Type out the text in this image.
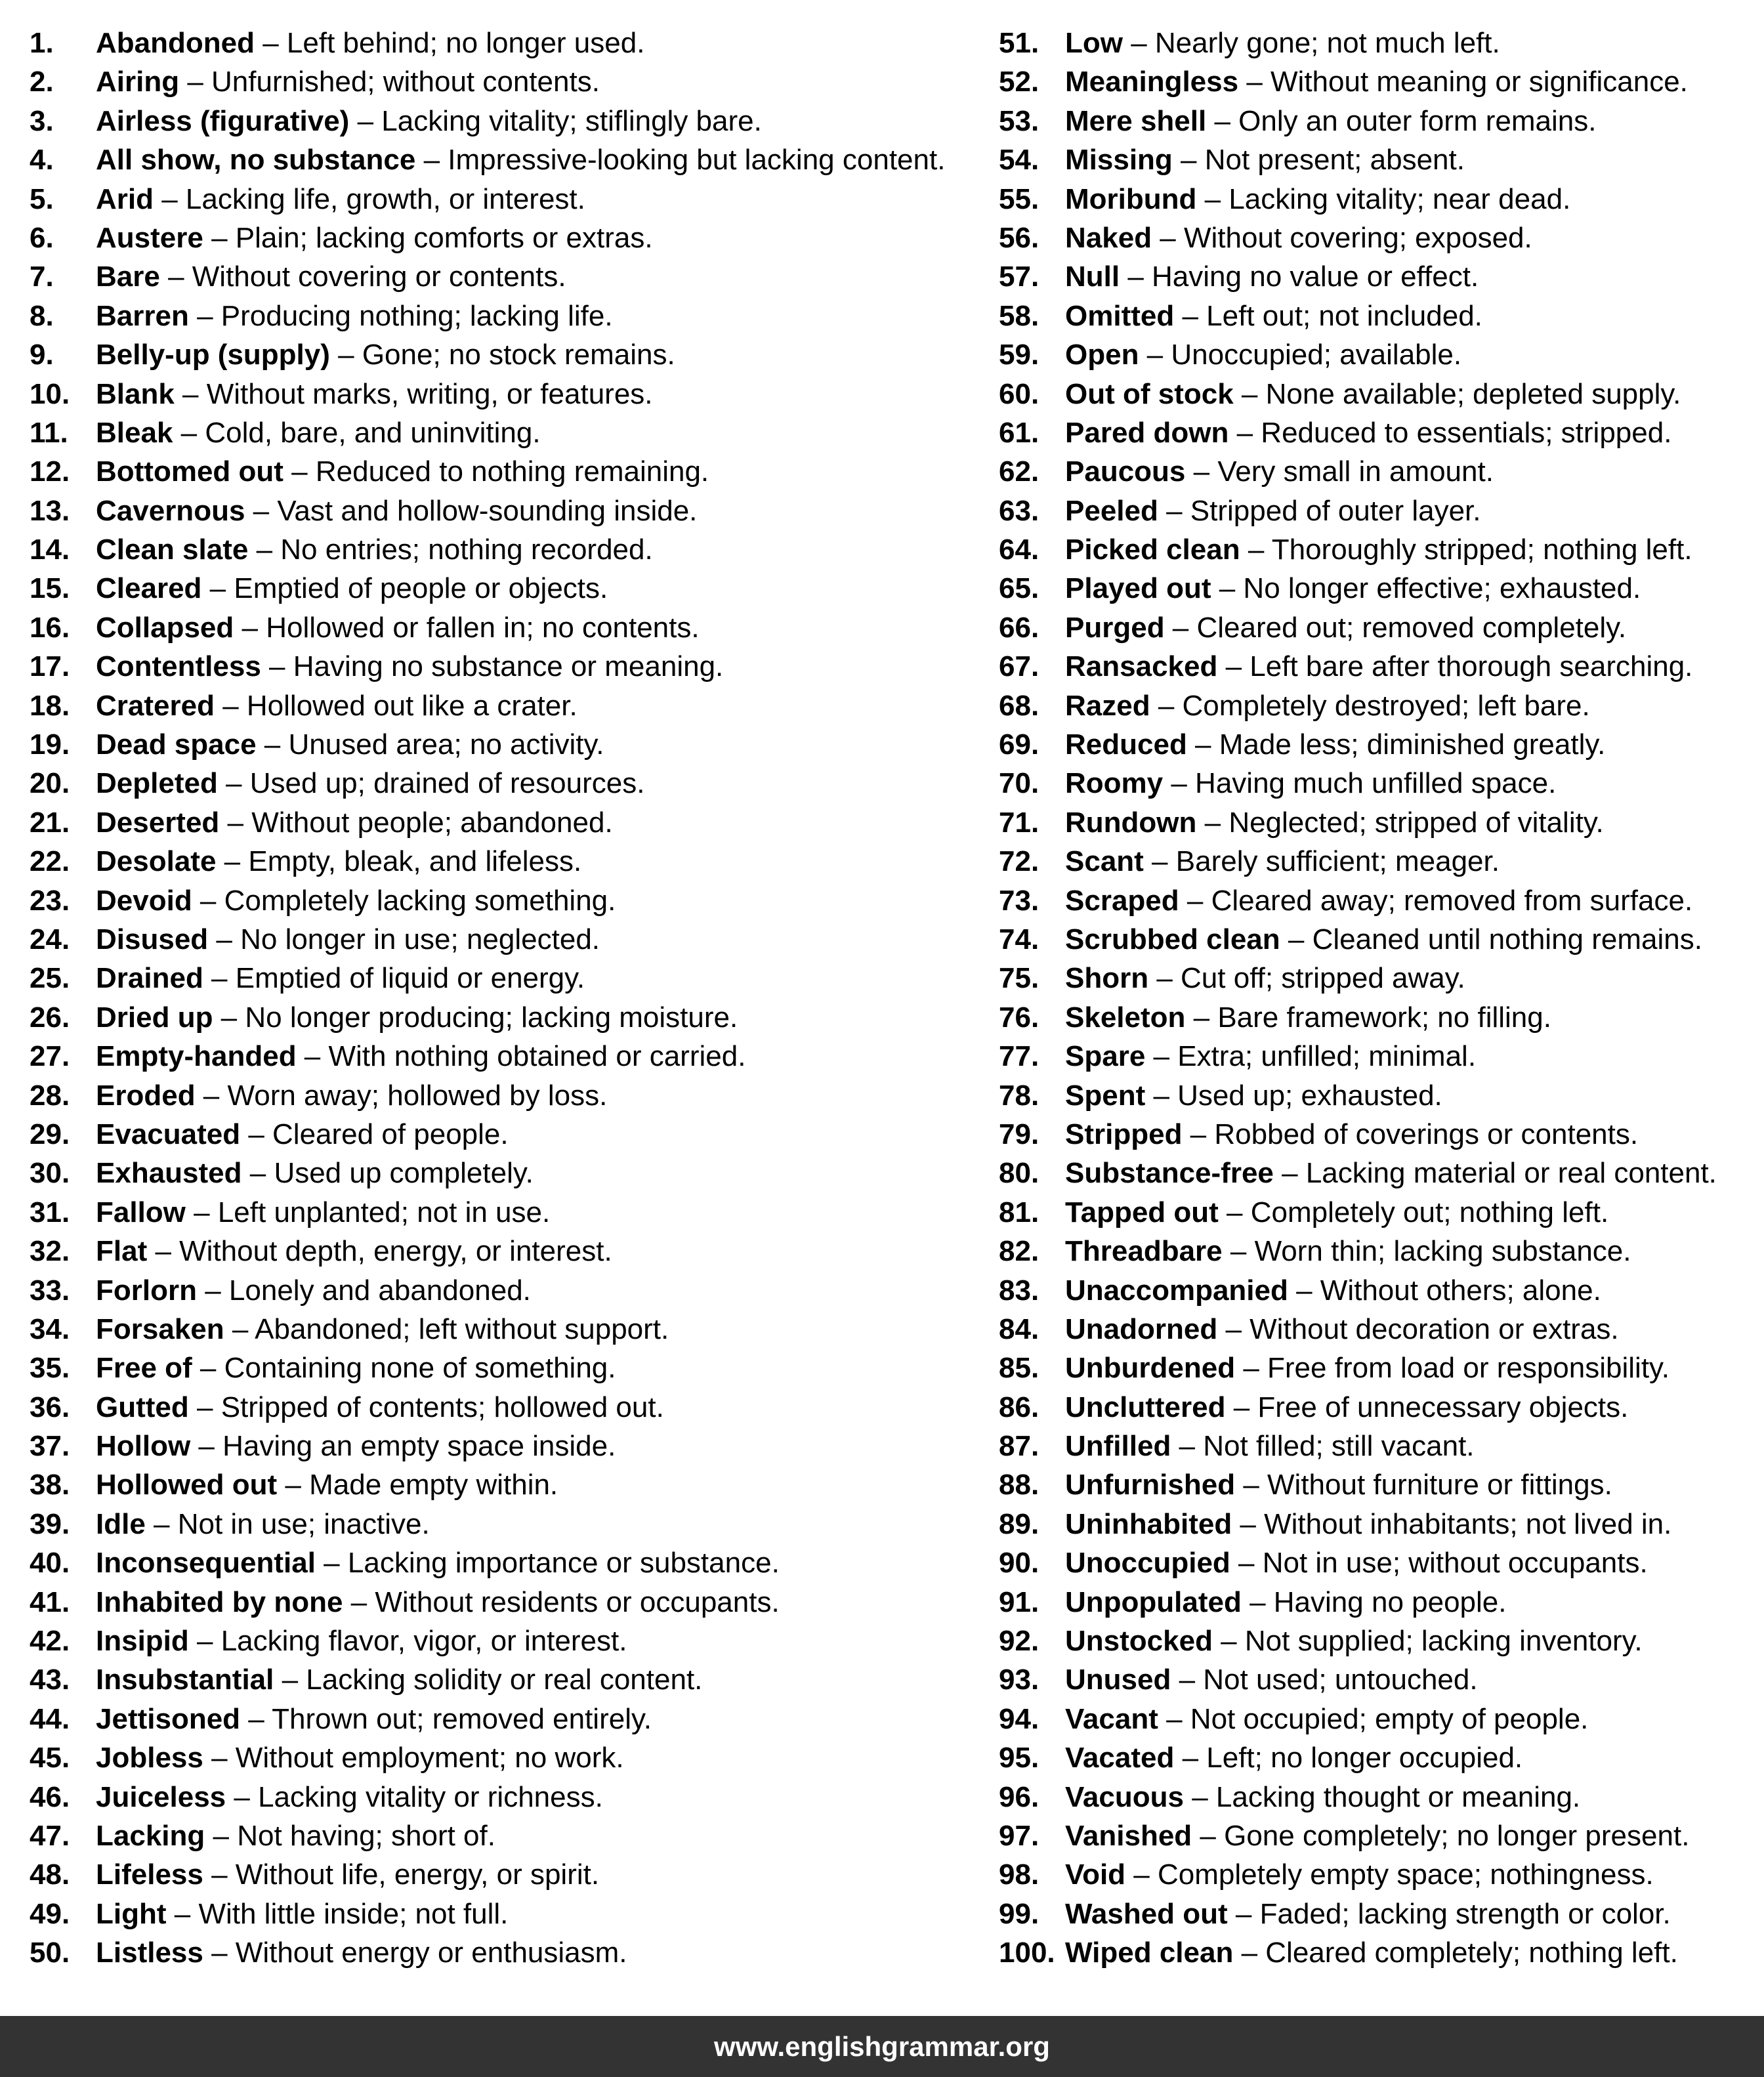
1.	Abandoned – Left behind; no longer used.
2.	Airing – Unfurnished; without contents.
3.	Airless (figurative) – Lacking vitality; stiflingly bare.
4.	All show, no substance – Impressive-looking but lacking content.
5.	Arid – Lacking life, growth, or interest.
6.	Austere – Plain; lacking comforts or extras.
7.	Bare – Without covering or contents.
8.	Barren – Producing nothing; lacking life.
9.	Belly-up (supply) – Gone; no stock remains.
10. Blank – Without marks, writing, or features.
11. Bleak – Cold, bare, and uninviting.
12. Bottomed out – Reduced to nothing remaining.
13. Cavernous – Vast and hollow-sounding inside.
14. Clean slate – No entries; nothing recorded.
15. Cleared – Emptied of people or objects.
16. Collapsed – Hollowed or fallen in; no contents.
17. Contentless – Having no substance or meaning.
18. Cratered – Hollowed out like a crater.
19. Dead space – Unused area; no activity.
20. Depleted – Used up; drained of resources.
21. Deserted – Without people; abandoned.
22. Desolate – Empty, bleak, and lifeless.
23. Devoid – Completely lacking something.
24. Disused – No longer in use; neglected.
25. Drained – Emptied of liquid or energy.
26. Dried up – No longer producing; lacking moisture.
27. Empty-handed – With nothing obtained or carried.
28. Eroded – Worn away; hollowed by loss.
29. Evacuated – Cleared of people.
30. Exhausted – Used up completely.
31. Fallow – Left unplanted; not in use.
32. Flat – Without depth, energy, or interest.
33. Forlorn – Lonely and abandoned.
34. Forsaken – Abandoned; left without support.
35. Free of – Containing none of something.
36. Gutted – Stripped of contents; hollowed out.
37. Hollow – Having an empty space inside.
38. Hollowed out – Made empty within.
39. Idle – Not in use; inactive.
40. Inconsequential – Lacking importance or substance.
41. Inhabited by none – Without residents or occupants.
42. Insipid – Lacking flavor, vigor, or interest.
43. Insubstantial – Lacking solidity or real content.
44. Jettisoned – Thrown out; removed entirely.
45. Jobless – Without employment; no work.
46. Juiceless – Lacking vitality or richness.
47. Lacking – Not having; short of.
48. Lifeless – Without life, energy, or spirit.
49. Light – With little inside; not full.
50. Listless – Without energy or enthusiasm.
51. Low – Nearly gone; not much left.
52. Meaningless – Without meaning or significance.
53. Mere shell – Only an outer form remains.
54. Missing – Not present; absent.
55. Moribund – Lacking vitality; near dead.
56. Naked – Without covering; exposed.
57. Null – Having no value or effect.
58. Omitted – Left out; not included.
59. Open – Unoccupied; available.
60. Out of stock – None available; depleted supply.
61. Pared down – Reduced to essentials; stripped.
62. Paucous – Very small in amount.
63. Peeled – Stripped of outer layer.
64. Picked clean – Thoroughly stripped; nothing left.
65. Played out – No longer effective; exhausted.
66. Purged – Cleared out; removed completely.
67. Ransacked – Left bare after thorough searching.
68. Razed – Completely destroyed; left bare.
69. Reduced – Made less; diminished greatly.
70. Roomy – Having much unfilled space.
71. Rundown – Neglected; stripped of vitality.
72. Scant – Barely sufficient; meager.
73. Scraped – Cleared away; removed from surface.
74. Scrubbed clean – Cleaned until nothing remains.
75. Shorn – Cut off; stripped away.
76. Skeleton – Bare framework; no filling.
77. Spare – Extra; unfilled; minimal.
78. Spent – Used up; exhausted.
79. Stripped – Robbed of coverings or contents.
80. Substance-free – Lacking material or real content.
81. Tapped out – Completely out; nothing left.
82. Threadbare – Worn thin; lacking substance.
83. Unaccompanied – Without others; alone.
84. Unadorned – Without decoration or extras.
85. Unburdened – Free from load or responsibility.
86. Uncluttered – Free of unnecessary objects.
87. Unfilled – Not filled; still vacant.
88. Unfurnished – Without furniture or fittings.
89. Uninhabited – Without inhabitants; not lived in.
90. Unoccupied – Not in use; without occupants.
91. Unpopulated – Having no people.
92. Unstocked – Not supplied; lacking inventory.
93. Unused – Not used; untouched.
94. Vacant – Not occupied; empty of people.
95. Vacated – Left; no longer occupied.
96. Vacuous – Lacking thought or meaning.
97. Vanished – Gone completely; no longer present.
98. Void – Completely empty space; nothingness.
99. Washed out – Faded; lacking strength or color.
100. Wiped clean – Cleared completely; nothing left.
www.englishgrammar.org
